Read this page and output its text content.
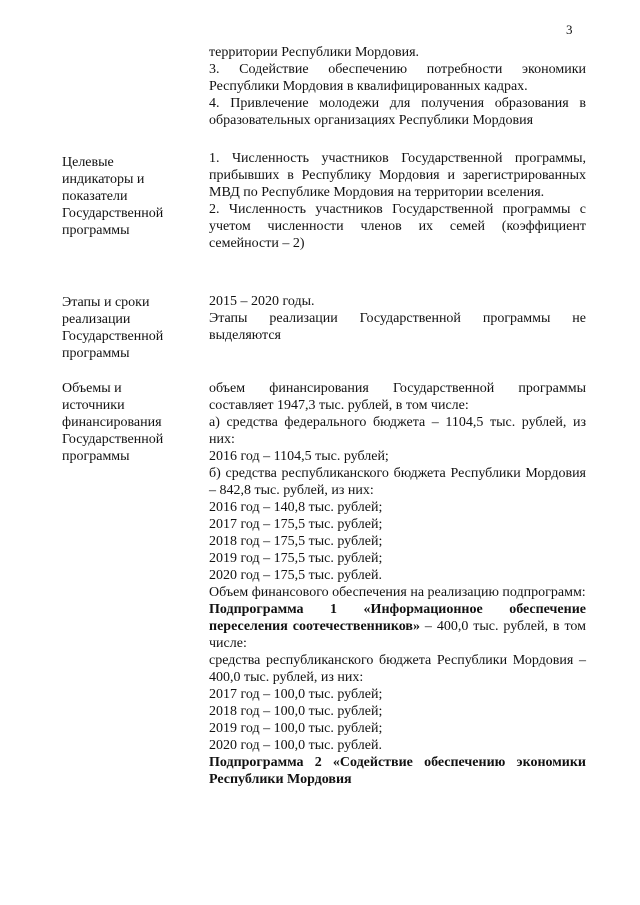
3

территории Республики Мордовия.

3. Содействие обеспечению потребности экономики Республики Мордовия в квалифицированных кадрах.

4. Привлечение молодежи для получения образования в образовательных организациях Республики Мордовия

Целевые
индикаторы и
показатели
Государственной
программы

1. Численность участников Государственной программы, прибывших в Республику Мордовия и зарегистрированных МВД по Республике Мордовия на территории вселения.

2. Численность участников Государственной программы с учетом численности членов их семей (коэффициент семейности – 2)

Этапы и сроки
реализации
Государственной
программы

2015 – 2020 годы.

Этапы реализации Государственной программы не выделяются

Объемы и
источники
финансирования
Государственной
программы

объем финансирования Государственной программы составляет 1947,3 тыс. рублей, в том числе:

а) средства федерального бюджета – 1104,5 тыс. рублей, из них:

2016 год – 1104,5 тыс. рублей;

б) средства республиканского бюджета Республики Мордовия – 842,8 тыс. рублей, из них:

2016 год – 140,8 тыс. рублей;

2017 год – 175,5 тыс. рублей;

2018 год – 175,5 тыс. рублей;

2019 год – 175,5 тыс. рублей;

2020 год – 175,5 тыс. рублей.

Объем финансового обеспечения на реализацию подпрограмм:

Подпрограмма 1 «Информационное обеспечение переселения соотечественников» – 400,0 тыс. рублей, в том числе:

средства республиканского бюджета Республики Мордовия – 400,0 тыс. рублей, из них:

2017 год – 100,0 тыс. рублей;

2018 год – 100,0 тыс. рублей;

2019 год – 100,0 тыс. рублей;

2020 год – 100,0 тыс. рублей.

Подпрограмма 2 «Содействие обеспечению экономики Республики Мордовия
